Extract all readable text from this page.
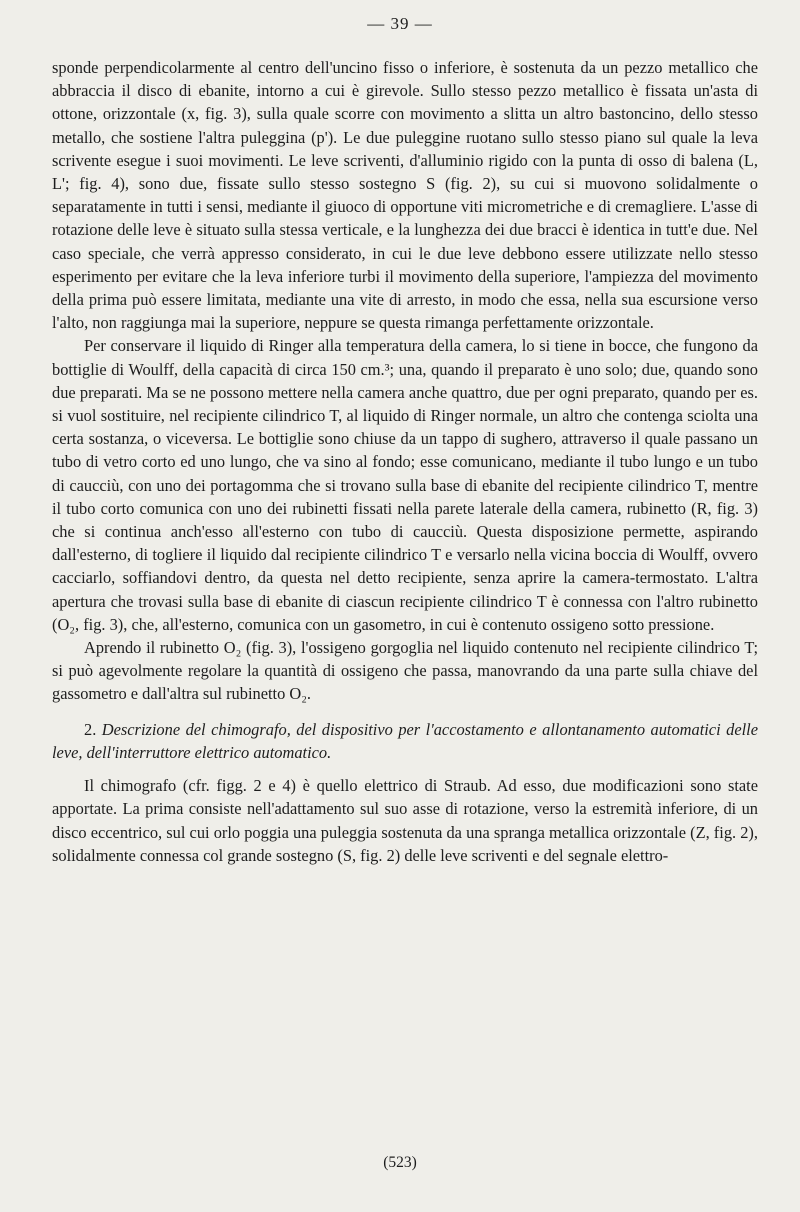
— 39 —

sponde perpendicolarmente al centro dell'uncino fisso o inferiore, è sostenuta da un pezzo metallico che abbraccia il disco di ebanite, intorno a cui è girevole. Sullo stesso pezzo metallico è fissata un'asta di ottone, orizzontale (x, fig. 3), sulla quale scorre con movimento a slitta un altro bastoncino, dello stesso metallo, che sostiene l'altra puleggina (p'). Le due puleggine ruotano sullo stesso piano sul quale la leva scrivente esegue i suoi movimenti. Le leve scriventi, d'alluminio rigido con la punta di osso di balena (L, L'; fig. 4), sono due, fissate sullo stesso sostegno S (fig. 2), su cui si muovono solidalmente o separatamente in tutti i sensi, mediante il giuoco di opportune viti micrometriche e di cremagliere. L'asse di rotazione delle leve è situato sulla stessa verticale, e la lunghezza dei due bracci è identica in tutt'e due. Nel caso speciale, che verrà appresso considerato, in cui le due leve debbono essere utilizzate nello stesso esperimento per evitare che la leva inferiore turbi il movimento della superiore, l'ampiezza del movimento della prima può essere limitata, mediante una vite di arresto, in modo che essa, nella sua escursione verso l'alto, non raggiunga mai la superiore, neppure se questa rimanga perfettamente orizzontale.

Per conservare il liquido di Ringer alla temperatura della camera, lo si tiene in bocce, che fungono da bottiglie di Woulff, della capacità di circa 150 cm.³; una, quando il preparato è uno solo; due, quando sono due preparati. Ma se ne possono mettere nella camera anche quattro, due per ogni preparato, quando per es. si vuol sostituire, nel recipiente cilindrico T, al liquido di Ringer normale, un altro che contenga sciolta una certa sostanza, o viceversa. Le bottiglie sono chiuse da un tappo di sughero, attraverso il quale passano un tubo di vetro corto ed uno lungo, che va sino al fondo; esse comunicano, mediante il tubo lungo e un tubo di caucciù, con uno dei portagomma che si trovano sulla base di ebanite del recipiente cilindrico T, mentre il tubo corto comunica con uno dei rubinetti fissati nella parete laterale della camera, rubinetto (R, fig. 3) che si continua anch'esso all'esterno con tubo di caucciù. Questa disposizione permette, aspirando dall'esterno, di togliere il liquido dal recipiente cilindrico T e versarlo nella vicina boccia di Woulff, ovvero cacciarlo, soffiandovi dentro, da questa nel detto recipiente, senza aprire la camera-termostato. L'altra apertura che trovasi sulla base di ebanite di ciascun recipiente cilindrico T è connessa con l'altro rubinetto (O₂, fig. 3), che, all'esterno, comunica con un gasometro, in cui è contenuto ossigeno sotto pressione.

Aprendo il rubinetto O₂ (fig. 3), l'ossigeno gorgoglia nel liquido contenuto nel recipiente cilindrico T; si può agevolmente regolare la quantità di ossigeno che passa, manovrando da una parte sulla chiave del gassometro e dall'altra sul rubinetto O₂.

2. Descrizione del chimografo, del dispositivo per l'accostamento e allontanamento automatici delle leve, dell'interruttore elettrico automatico.

Il chimografo (cfr. figg. 2 e 4) è quello elettrico di Straub. Ad esso, due modificazioni sono state apportate. La prima consiste nell'adattamento sul suo asse di rotazione, verso la estremità inferiore, di un disco eccentrico, sul cui orlo poggia una puleggia sostenuta da una spranga metallica orizzontale (Z, fig. 2), solidalmente connessa col grande sostegno (S, fig. 2) delle leve scriventi e del segnale elettro-

(523)
